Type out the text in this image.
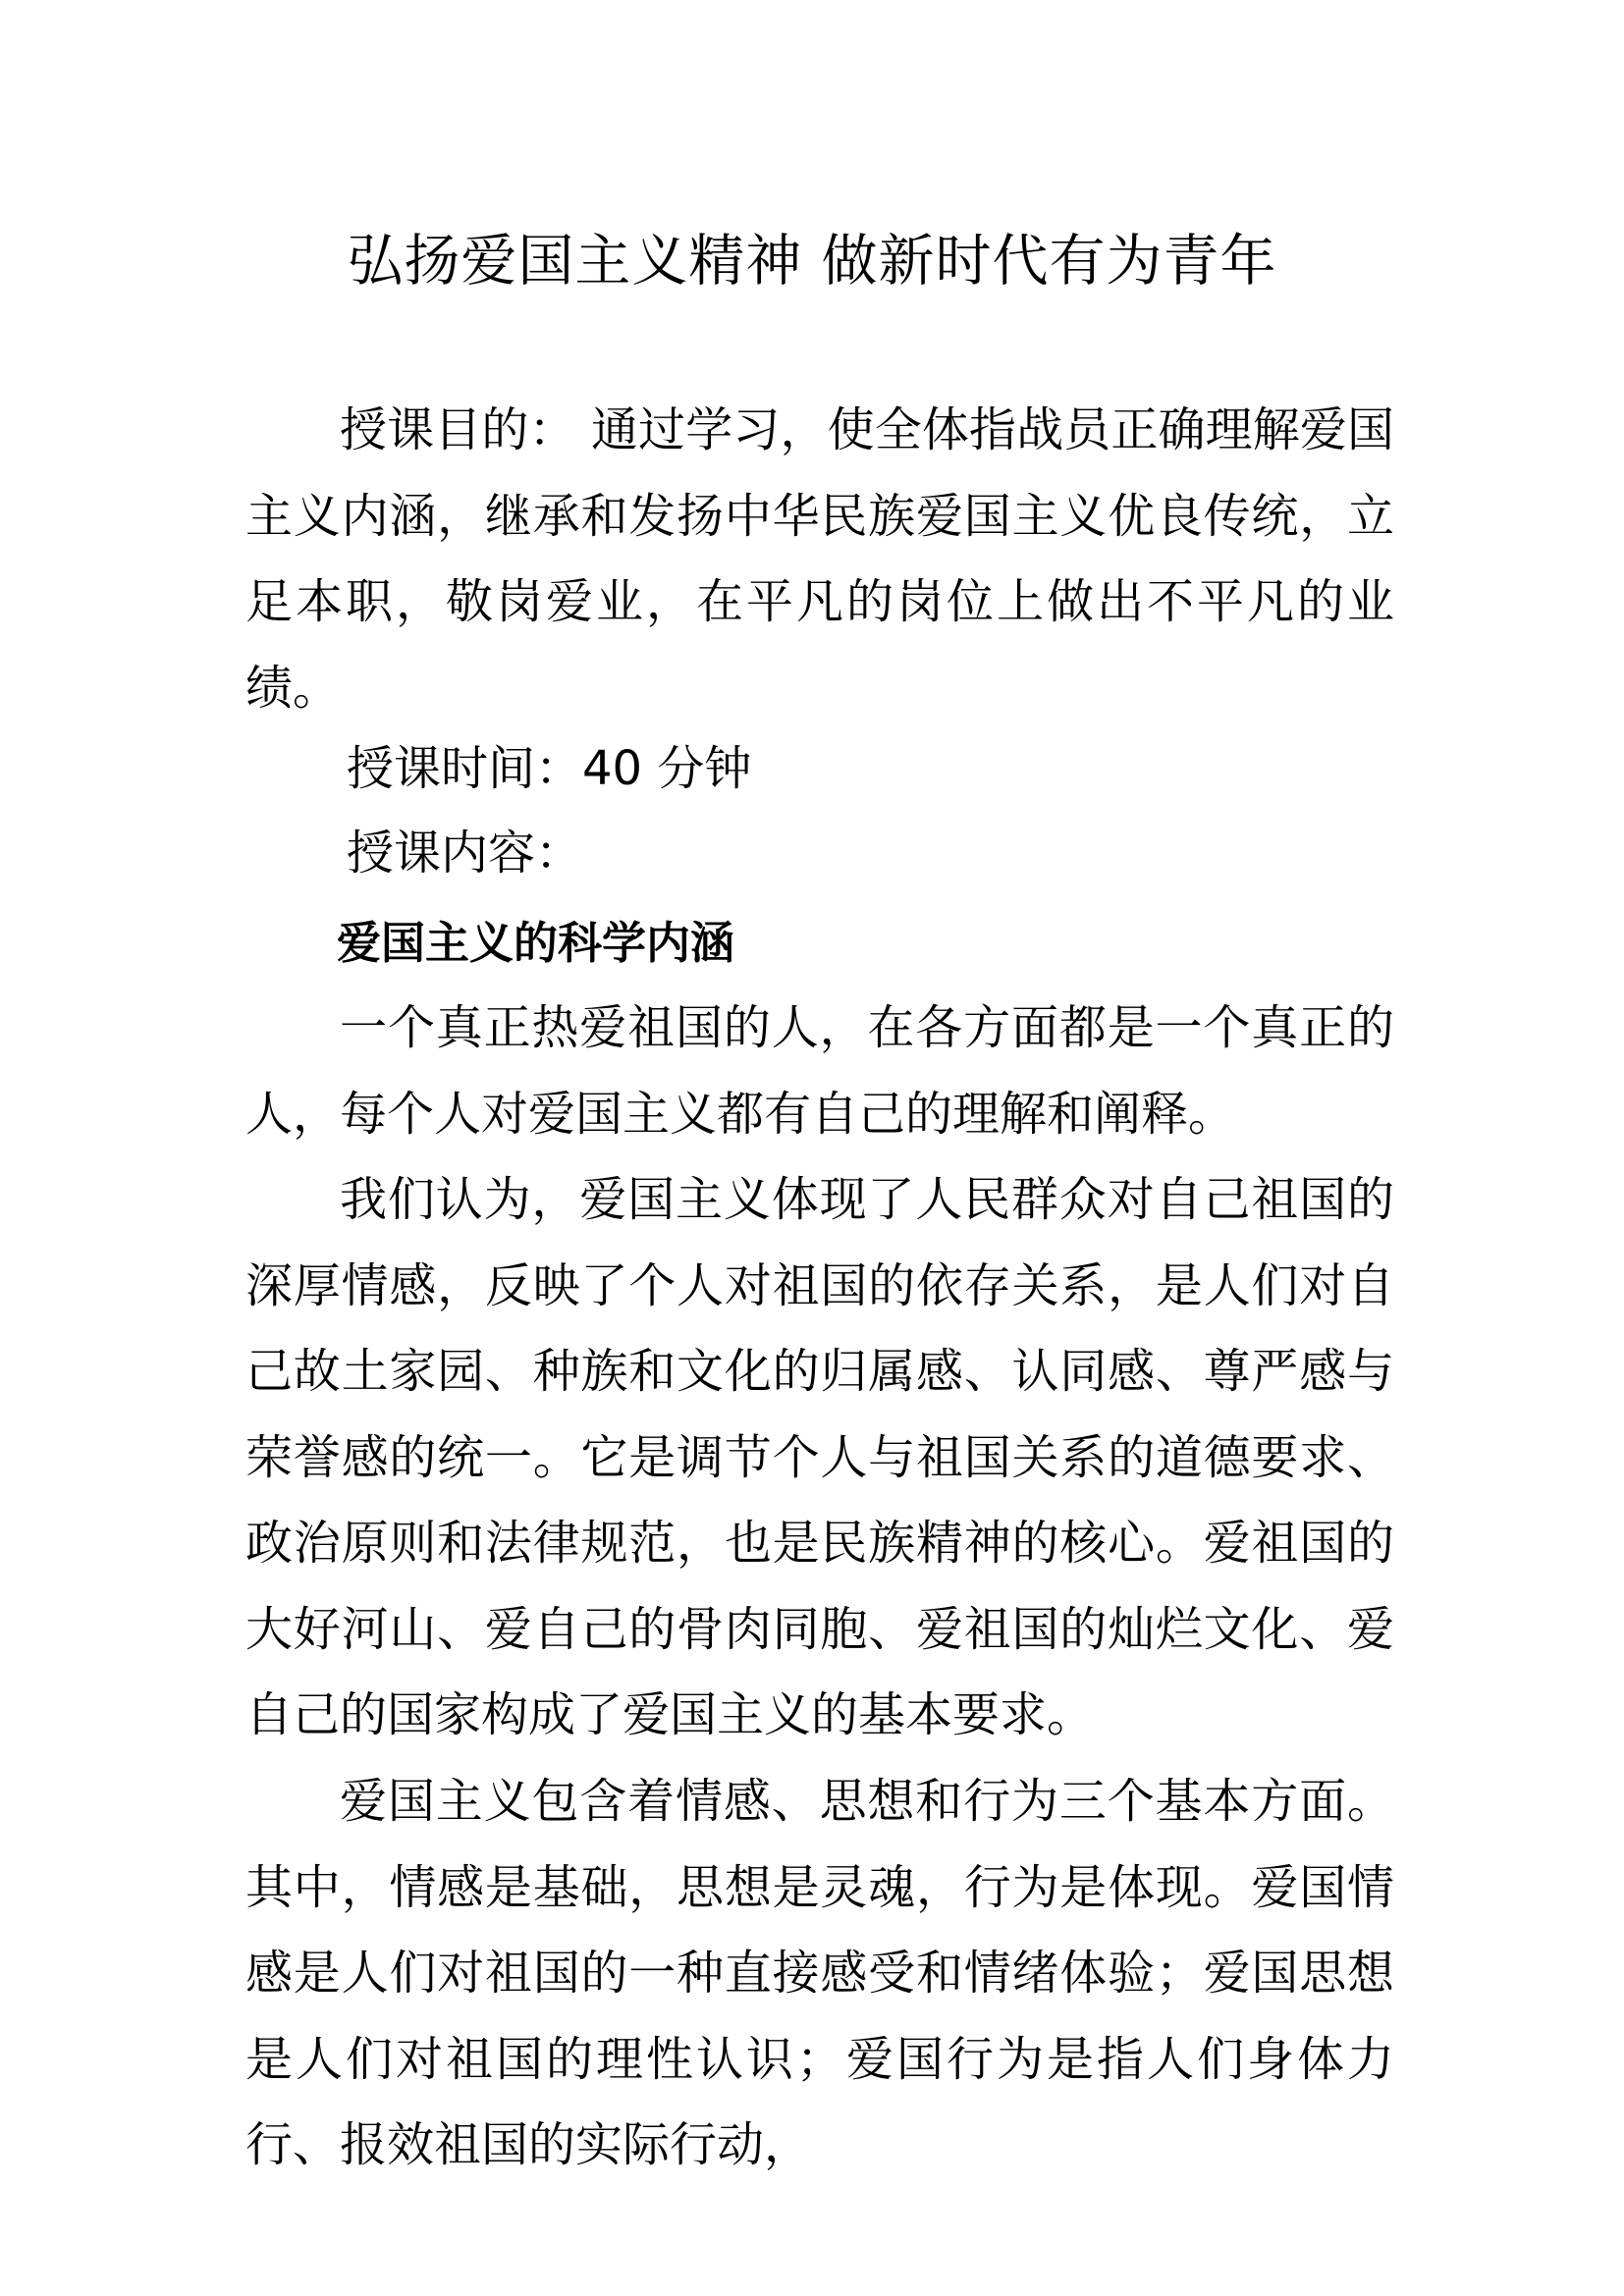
弘扬爱国主义精神 做新时代有为青年
授课目的： 通过学习，使全体指战员正确理解爱国主义内涵，继承和发扬中华民族爱国主义优良传统，立足本职，敬岗爱业，在平凡的岗位上做出不平凡的业绩。
授课时间：40 分钟
授课内容：
爱国主义的科学内涵
一个真正热爱祖国的人，在各方面都是一个真正的人，每个人对爱国主义都有自己的理解和阐释。
我们认为，爱国主义体现了人民群众对自己祖国的深厚情感，反映了个人对祖国的依存关系，是人们对自己故土家园、种族和文化的归属感、认同感、尊严感与荣誉感的统一。它是调节个人与祖国关系的道德要求、政治原则和法律规范，也是民族精神的核心。爱祖国的大好河山、爱自己的骨肉同胞、爱祖国的灿烂文化、爱自己的国家构成了爱国主义的基本要求。
爱国主义包含着情感、思想和行为三个基本方面。其中，情感是基础，思想是灵魂，行为是体现。爱国情感是人们对祖国的一种直接感受和情绪体验；爱国思想是人们对祖国的理性认识；爱国行为是指人们身体力行、报效祖国的实际行动，
